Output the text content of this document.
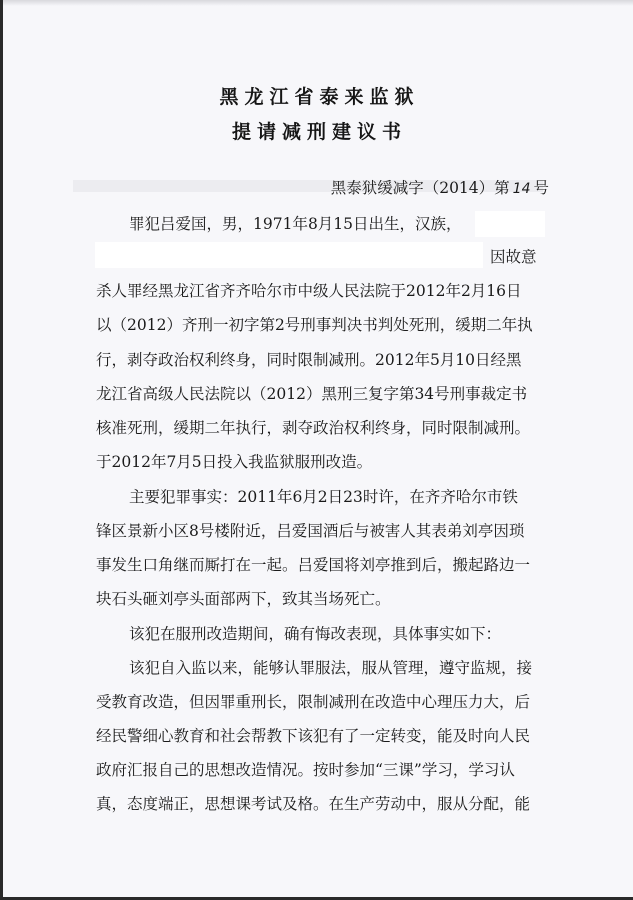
黑龙江省泰来监狱
提请减刑建议书
黑泰狱缓减字（2014）第 14 号
罪犯吕爱国，男，1971年8月15日出生，汉族，
因故意
杀人罪经黑龙江省齐齐哈尔市中级人民法院于2012年2月16日
以（2012）齐刑一初字第2号刑事判决书判处死刑，缓期二年执
行，剥夺政治权利终身，同时限制减刑。2012年5月10日经黑
龙江省高级人民法院以（2012）黑刑三复字第34号刑事裁定书
核准死刑，缓期二年执行，剥夺政治权利终身，同时限制减刑。
于2012年7月5日投入我监狱服刑改造。
主要犯罪事实：2011年6月2日23时许，在齐齐哈尔市铁
锋区景新小区8号楼附近，吕爱国酒后与被害人其表弟刘亭因琐
事发生口角继而厮打在一起。吕爱国将刘亭推到后，搬起路边一
块石头砸刘亭头面部两下，致其当场死亡。
该犯在服刑改造期间，确有悔改表现，具体事实如下：
该犯自入监以来，能够认罪服法，服从管理，遵守监规，接
受教育改造，但因罪重刑长，限制减刑在改造中心理压力大，后
经民警细心教育和社会帮教下该犯有了一定转变，能及时向人民
政府汇报自己的思想改造情况。按时参加“三课”学习，学习认
真，态度端正，思想课考试及格。在生产劳动中，服从分配，能
